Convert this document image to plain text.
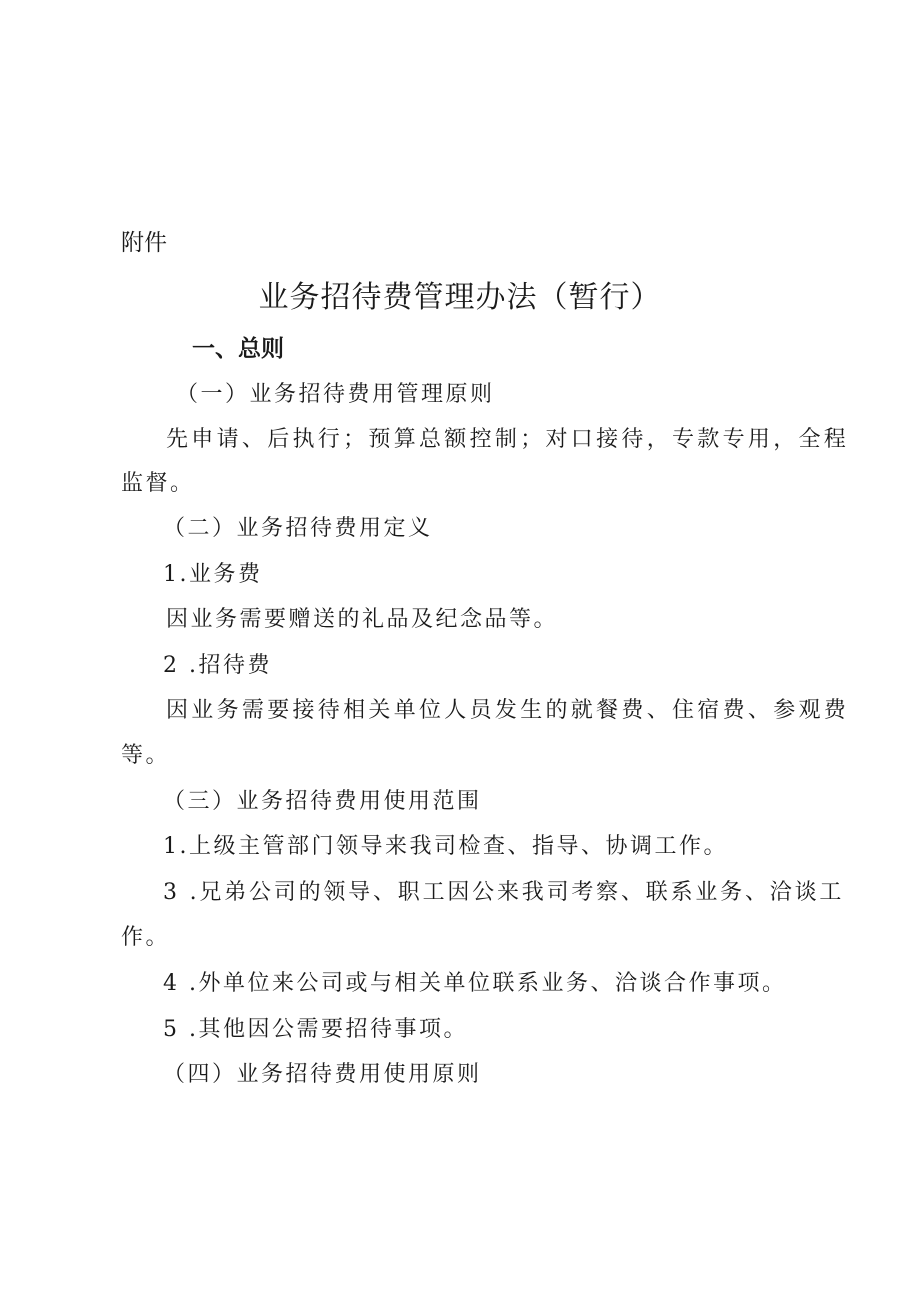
附件
业务招待费管理办法（暂行）
一、总则
（一）业务招待费用管理原则
先申请、后执行；预算总额控制；对口接待，专款专用，全程
监督。
（二）业务招待费用定义
1.业务费
因业务需要赠送的礼品及纪念品等。
2 .招待费
因业务需要接待相关单位人员发生的就餐费、住宿费、参观费
等。
（三）业务招待费用使用范围
1.上级主管部门领导来我司检查、指导、协调工作。
3 .兄弟公司的领导、职工因公来我司考察、联系业务、洽谈工
作。
4 .外单位来公司或与相关单位联系业务、洽谈合作事项。
5 .其他因公需要招待事项。
（四）业务招待费用使用原则
